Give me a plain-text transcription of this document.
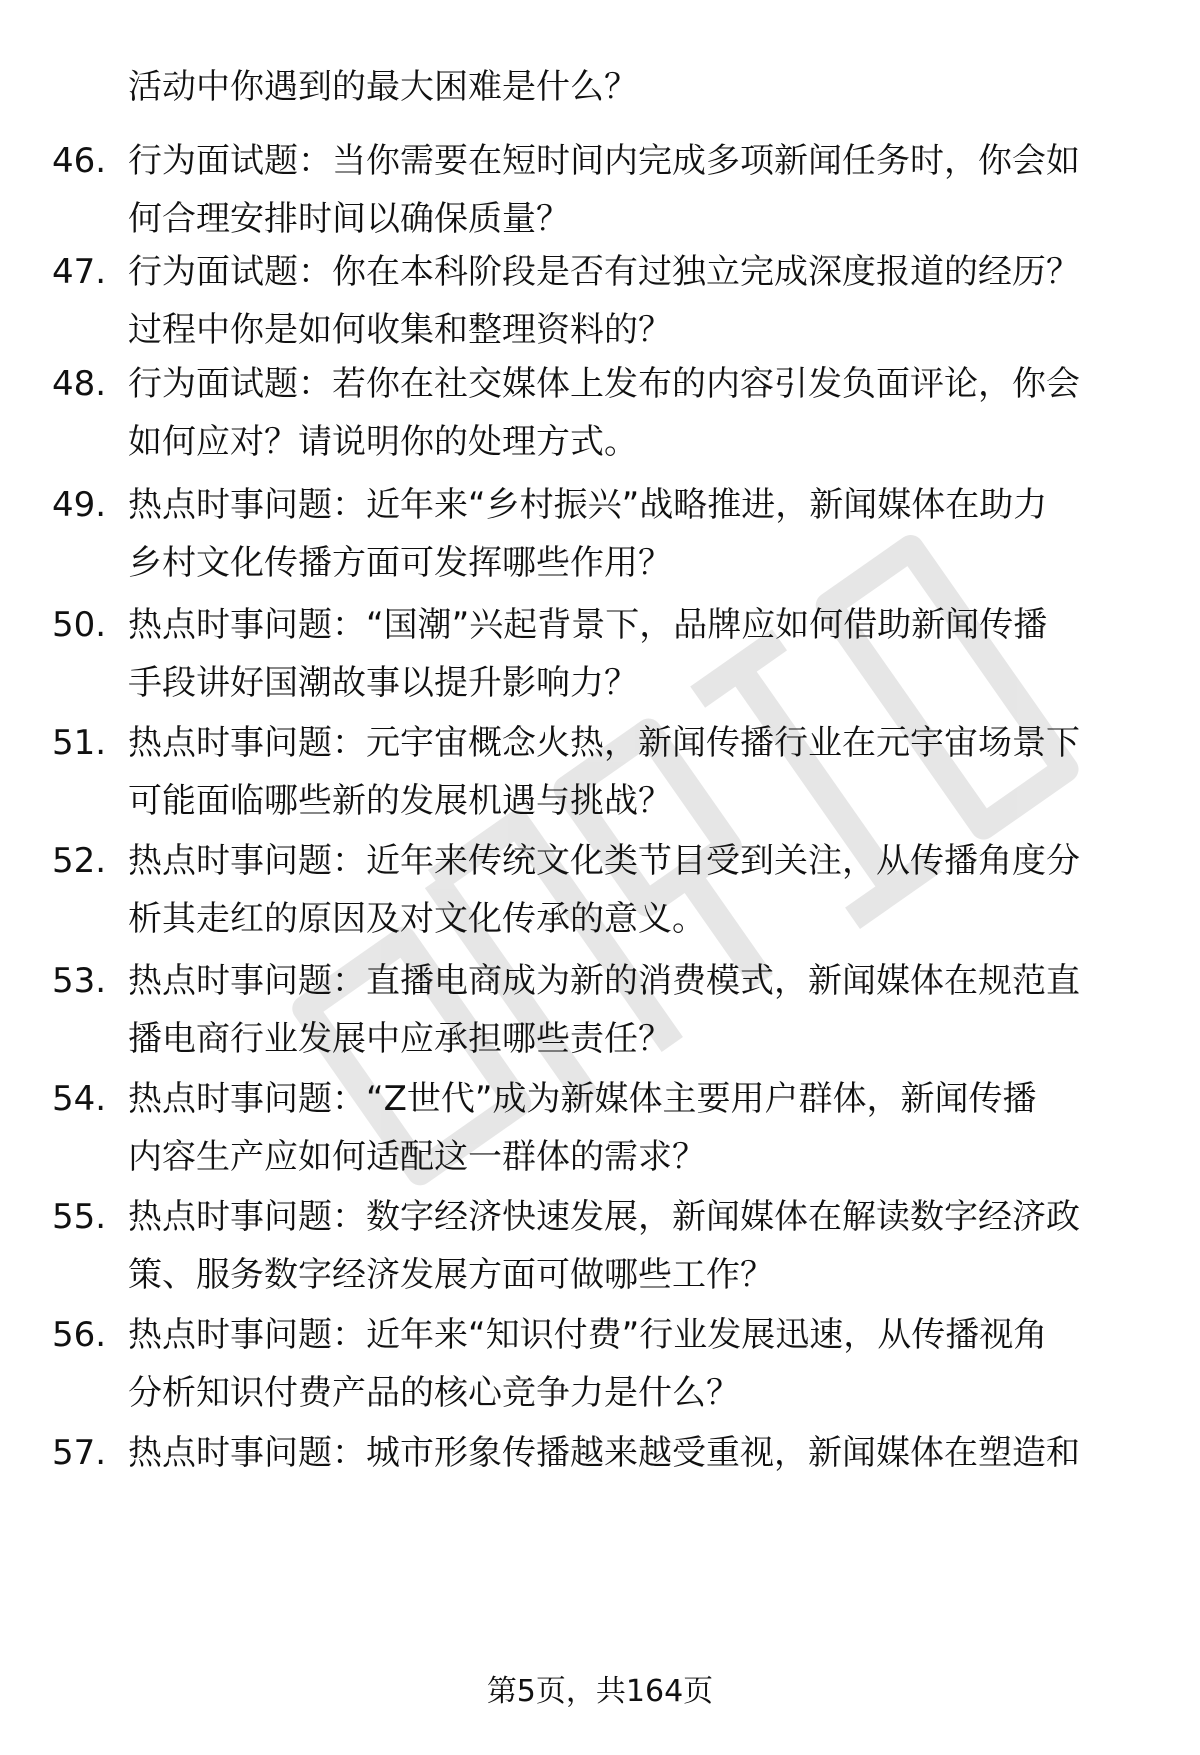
活动中你遇到的最大困难是什么？
46. 行为面试题：当你需要在短时间内完成多项新闻任务时，你会如
何合理安排时间以确保质量？
47. 行为面试题：你在本科阶段是否有过独立完成深度报道的经历？
过程中你是如何收集和整理资料的？
48. 行为面试题：若你在社交媒体上发布的内容引发负面评论，你会
如何应对？请说明你的处理方式。
49. 热点时事问题：近年来“乡村振兴”战略推进，新闻媒体在助力
乡村文化传播方面可发挥哪些作用？
50. 热点时事问题：“国潮”兴起背景下，品牌应如何借助新闻传播
手段讲好国潮故事以提升影响力？
51. 热点时事问题：元宇宙概念火热，新闻传播行业在元宇宙场景下
可能面临哪些新的发展机遇与挑战？
52. 热点时事问题：近年来传统文化类节目受到关注，从传播角度分
析其走红的原因及对文化传承的意义。
53. 热点时事问题：直播电商成为新的消费模式，新闻媒体在规范直
播电商行业发展中应承担哪些责任？
54. 热点时事问题：“Z世代”成为新媒体主要用户群体，新闻传播
内容生产应如何适配这一群体的需求？
55. 热点时事问题：数字经济快速发展，新闻媒体在解读数字经济政
策、服务数字经济发展方面可做哪些工作？
56. 热点时事问题：近年来“知识付费”行业发展迅速，从传播视角
分析知识付费产品的核心竞争力是什么？
57. 热点时事问题：城市形象传播越来越受重视，新闻媒体在塑造和
第5页，共164页
